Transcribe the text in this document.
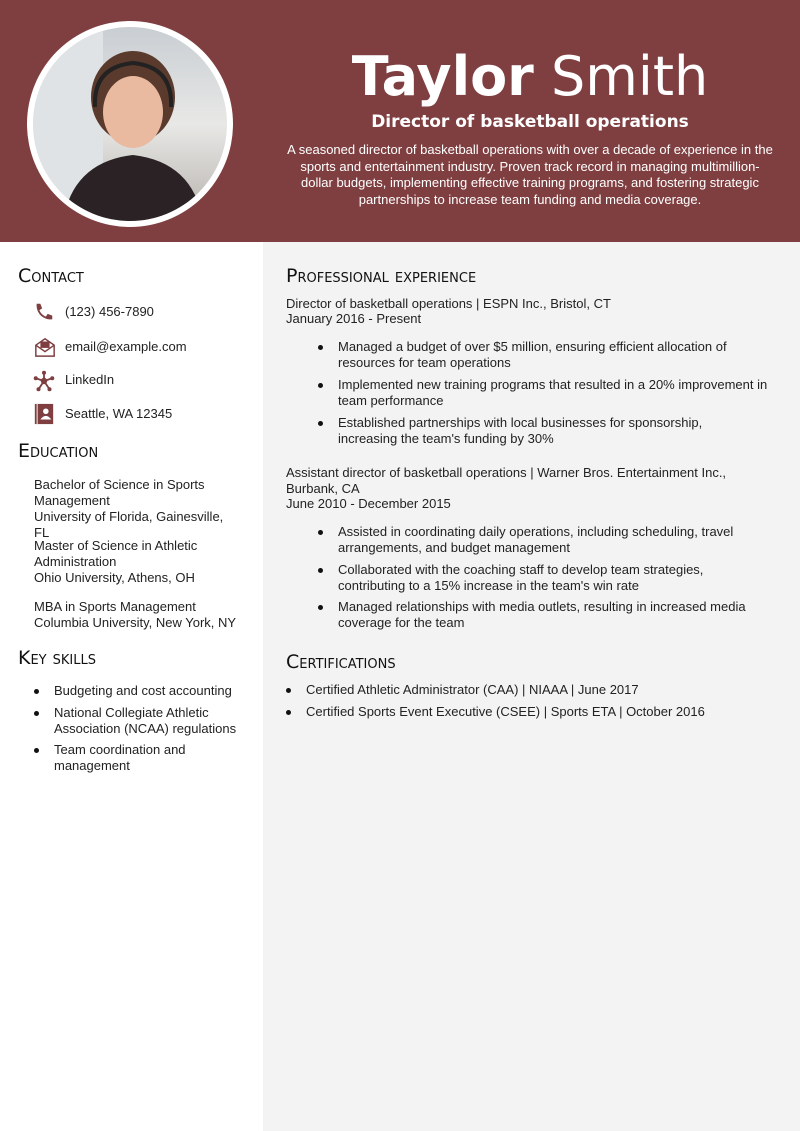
Taylor Smith
Director of basketball operations
A seasoned director of basketball operations with over a decade of experience in the sports and entertainment industry. Proven track record in managing multimillion-dollar budgets, implementing effective training programs, and fostering strategic partnerships to increase team funding and media coverage.
Contact
(123) 456-7890
email@example.com
LinkedIn
Seattle, WA 12345
Education
Bachelor of Science in Sports Management
University of Florida, Gainesville, FL
Master of Science in Athletic Administration
Ohio University, Athens, OH
MBA in Sports Management
Columbia University, New York, NY
Key skills
Budgeting and cost accounting
National Collegiate Athletic Association (NCAA) regulations
Team coordination and management
Professional experience
Director of basketball operations | ESPN Inc., Bristol, CT
January 2016 - Present
Managed a budget of over $5 million, ensuring efficient allocation of resources for team operations
Implemented new training programs that resulted in a 20% improvement in team performance
Established partnerships with local businesses for sponsorship, increasing the team's funding by 30%
Assistant director of basketball operations | Warner Bros. Entertainment Inc., Burbank, CA
June 2010 - December 2015
Assisted in coordinating daily operations, including scheduling, travel arrangements, and budget management
Collaborated with the coaching staff to develop team strategies, contributing to a 15% increase in the team's win rate
Managed relationships with media outlets, resulting in increased media coverage for the team
Certifications
Certified Athletic Administrator (CAA) | NIAAA | June 2017
Certified Sports Event Executive (CSEE) | Sports ETA | October 2016
